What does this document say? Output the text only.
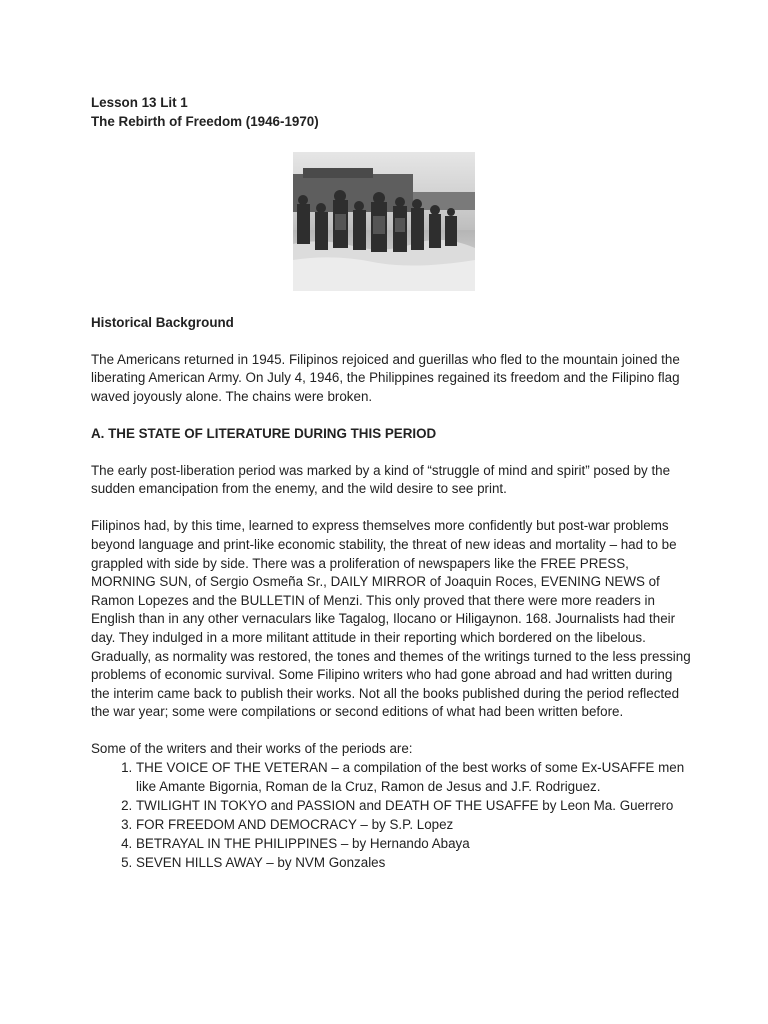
Lesson 13 Lit 1
The Rebirth of Freedom (1946-1970)

Historical Background

The Americans returned in 1945. Filipinos rejoiced and guerillas who fled to the mountain joined the liberating American Army. On July 4, 1946, the Philippines regained its freedom and the Filipino flag waved joyously alone. The chains were broken.

A. THE STATE OF LITERATURE DURING THIS PERIOD

The early post-liberation period was marked by a kind of “struggle of mind and spirit” posed by the sudden emancipation from the enemy, and the wild desire to see print.

Filipinos had, by this time, learned to express themselves more confidently but post-war problems beyond language and print-like economic stability, the threat of new ideas and mortality – had to be grappled with side by side. There was a proliferation of newspapers like the FREE PRESS, MORNING SUN, of Sergio Osmeña Sr., DAILY MIRROR of Joaquin Roces, EVENING NEWS of Ramon Lopezes and the BULLETIN of Menzi. This only proved that there were more readers in English than in any other vernaculars like Tagalog, Ilocano or Hiligaynon. 168. Journalists had their day. They indulged in a more militant attitude in their reporting which bordered on the libelous. Gradually, as normality was restored, the tones and themes of the writings turned to the less pressing problems of economic survival. Some Filipino writers who had gone abroad and had written during the interim came back to publish their works. Not all the books published during the period reflected the war year; some were compilations or second editions of what had been written before.

Some of the writers and their works of the periods are:

1. THE VOICE OF THE VETERAN – a compilation of the best works of some Ex-USAFFE men like Amante Bigornia, Roman de la Cruz, Ramon de Jesus and J.F. Rodriguez.
2. TWILIGHT IN TOKYO and PASSION and DEATH OF THE USAFFE by Leon Ma. Guerrero
3. FOR FREEDOM AND DEMOCRACY – by S.P. Lopez
4. BETRAYAL IN THE PHILIPPINES – by Hernando Abaya
5. SEVEN HILLS AWAY – by NVM Gonzales
